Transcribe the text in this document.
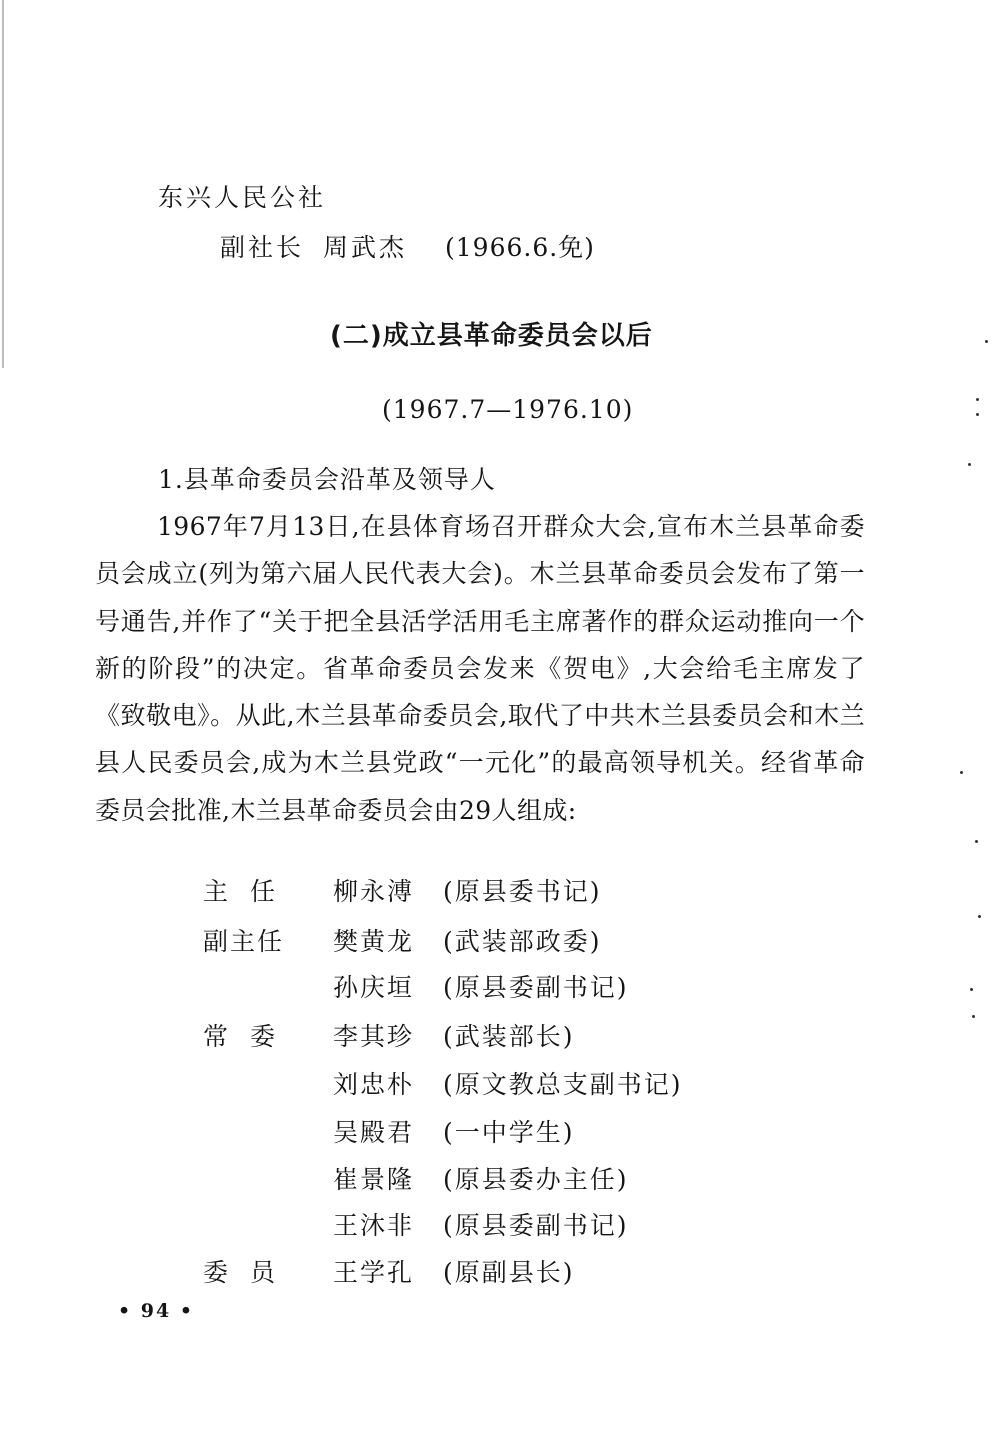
东兴人民公社
副社长 周武杰 (1966.6.免)
(二)成立县革命委员会以后
(1967.7—1976.10)
1.县革命委员会沿革及领导人
1967年7月13日,在县体育场召开群众大会,宣布木兰县革命委员会成立(列为第六届人民代表大会)。木兰县革命委员会发布了第一号通告,并作了“关于把全县活学活用毛主席著作的群众运动推向一个新的阶段”的决定。省革命委员会发来《贺电》,大会给毛主席发了《致敬电》。从此,木兰县革命委员会,取代了中共木兰县委员会和木兰县人民委员会,成为木兰县党政“一元化”的最高领导机关。经省革命委员会批准,木兰县革命委员会由29人组成:
主任 柳永溥 (原县委书记)
副主任	樊黄龙 (武装部政委)
孙庆垣 (原县委副书记)
常委 李其珍 (武装部长)
刘忠朴 (原文教总支副书记)
吴殿君 (一中学生)
崔景隆 (原县委办主任)
王沐非 (原县委副书记)
委员 王学孔 (原副县长)
• 94 •
